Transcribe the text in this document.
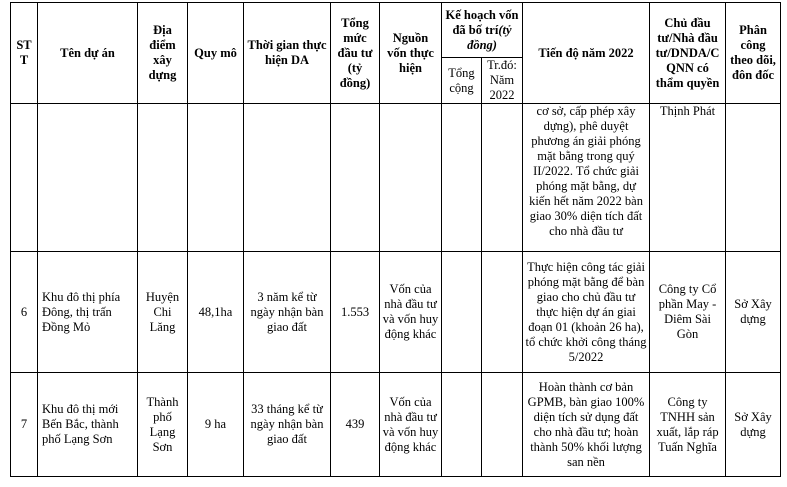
STT	Tên dự án	Địa điểm xây dựng	Quy mô	Thời gian thực hiện DA	Tổng mức đầu tư (tỷ đồng)	Nguồn vốn thực hiện	Kế hoạch vốn đã bố trí(tỷ đồng)		Tiến độ năm 2022	Chủ đầu tư/Nhà đầu tư/DNDA/CQNN có thẩm quyền	Phân công theo dõi, đôn đốc
							Tổng cộng	Tr.đó: Năm 2022			
									cơ sở, cấp phép xây dựng), phê duyệt phương án giải phóng mặt bằng trong quý II/2022. Tổ chức giải phóng mặt bằng, dự kiến hết năm 2022 bàn giao 30% diện tích đất cho nhà đầu tư	Thịnh Phát	
6	Khu đô thị phía Đông, thị trấn Đồng Mỏ	Huyện Chi Lăng	48,1ha	3 năm kể từ ngày nhận bàn giao đất	1.553	Vốn của nhà đầu tư và vốn huy động khác			Thực hiện công tác giải phóng mặt bằng để bàn giao cho chủ đầu tư thực hiện dự án giai đoạn 01 (khoản 26 ha), tổ chức khởi công tháng 5/2022	Công ty Cổ phần May - Diêm Sài Gòn	Sở Xây dựng
7	Khu đô thị mới Bến Bắc, thành phố Lạng Sơn	Thành phố Lạng Sơn	9 ha	33 tháng kể từ ngày nhận bàn giao đất	439	Vốn của nhà đầu tư và vốn huy động khác			Hoàn thành cơ bản GPMB, bàn giao 100% diện tích sử dụng đất cho nhà đầu tư; hoàn thành 50% khối lượng san nền	Công ty TNHH sản xuất, lắp ráp Tuấn Nghĩa	Sở Xây dựng
